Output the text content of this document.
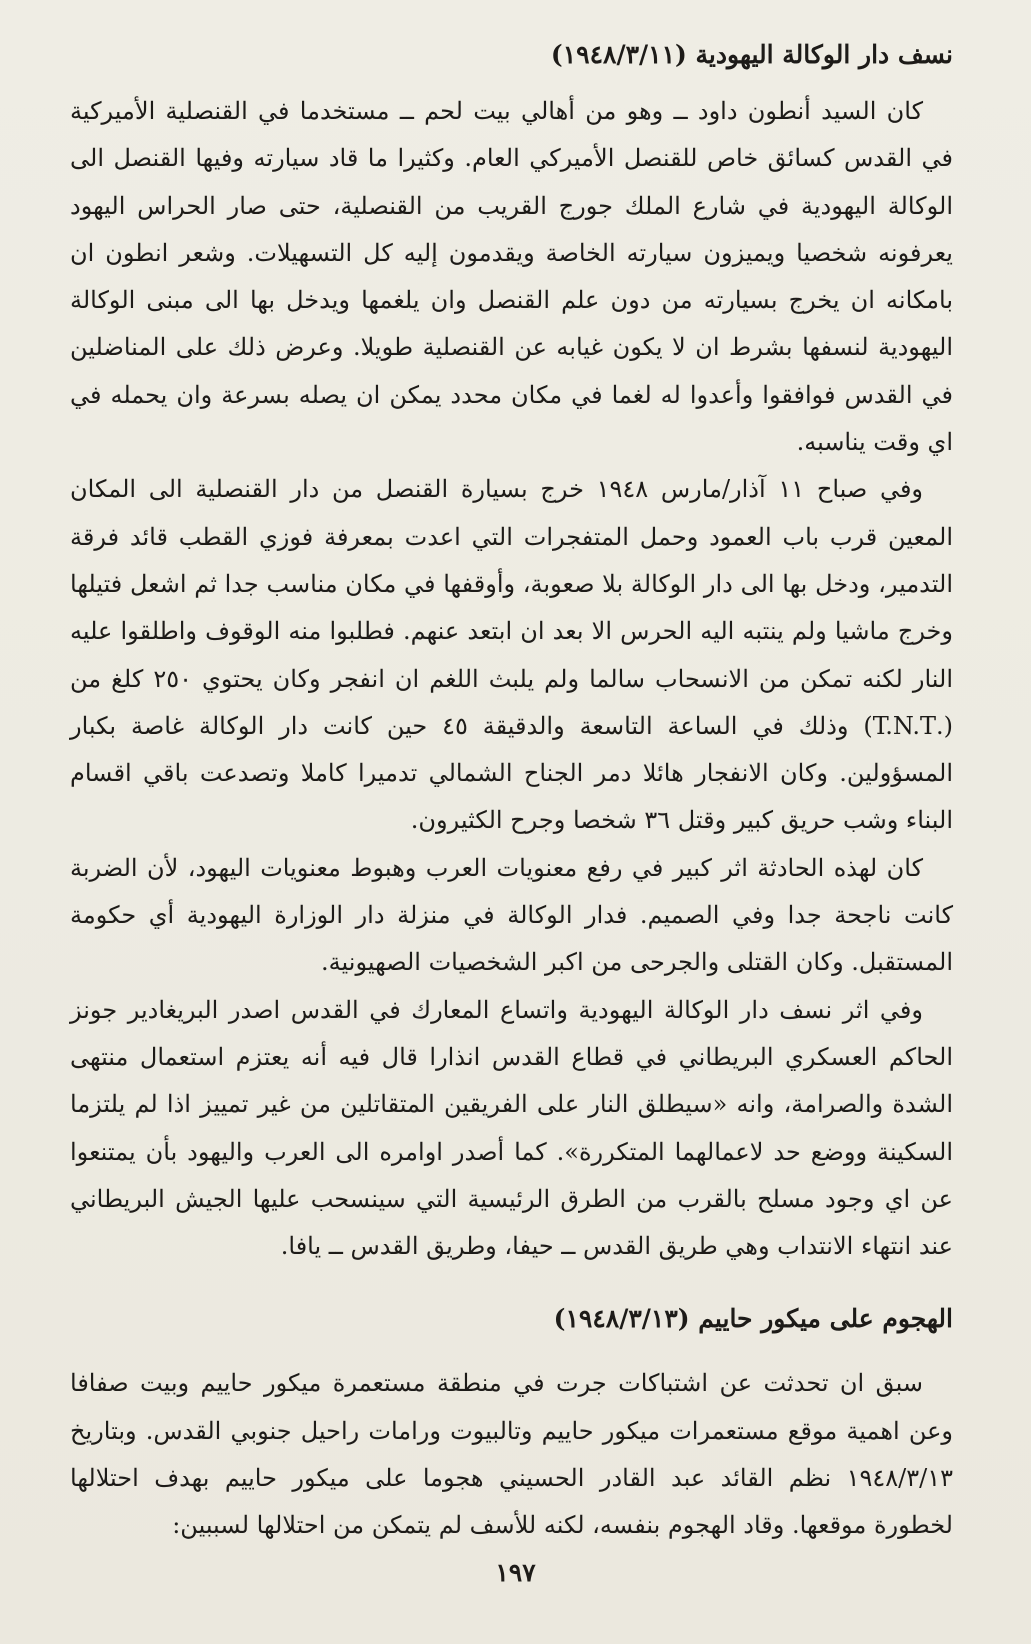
نسف دار الوكالة اليهودية (١٩٤٨/٣/١١)

كان السيد أنطون داود ــ وهو من أهالي بيت لحم ــ مستخدما في القنصلية الأميركية في القدس كسائق خاص للقنصل الأميركي العام. وكثيرا ما قاد سيارته وفيها القنصل الى الوكالة اليهودية في شارع الملك جورج القريب من القنصلية، حتى صار الحراس اليهود يعرفونه شخصيا ويميزون سيارته الخاصة ويقدمون إليه كل التسهيلات. وشعر انطون ان بامكانه ان يخرج بسيارته من دون علم القنصل وان يلغمها ويدخل بها الى مبنى الوكالة اليهودية لنسفها بشرط ان لا يكون غيابه عن القنصلية طويلا. وعرض ذلك على المناضلين في القدس فوافقوا وأعدوا له لغما في مكان محدد يمكن ان يصله بسرعة وان يحمله في اي وقت يناسبه.

وفي صباح ١١ آذار/مارس ١٩٤٨ خرج بسيارة القنصل من دار القنصلية الى المكان المعين قرب باب العمود وحمل المتفجرات التي اعدت بمعرفة فوزي القطب قائد فرقة التدمير، ودخل بها الى دار الوكالة بلا صعوبة، وأوقفها في مكان مناسب جدا ثم اشعل فتيلها وخرج ماشيا ولم ينتبه اليه الحرس الا بعد ان ابتعد عنهم. فطلبوا منه الوقوف واطلقوا عليه النار لكنه تمكن من الانسحاب سالما ولم يلبث اللغم ان انفجر وكان يحتوي ٢٥٠ كلغ من (.T.N.T) وذلك في الساعة التاسعة والدقيقة ٤٥ حين كانت دار الوكالة غاصة بكبار المسؤولين. وكان الانفجار هائلا دمر الجناح الشمالي تدميرا كاملا وتصدعت باقي اقسام البناء وشب حريق كبير وقتل ٣٦ شخصا وجرح الكثيرون.

كان لهذه الحادثة اثر كبير في رفع معنويات العرب وهبوط معنويات اليهود، لأن الضربة كانت ناجحة جدا وفي الصميم. فدار الوكالة في منزلة دار الوزارة اليهودية أي حكومة المستقبل. وكان القتلى والجرحى من اكبر الشخصيات الصهيونية.

وفي اثر نسف دار الوكالة اليهودية واتساع المعارك في القدس اصدر البريغادير جونز الحاكم العسكري البريطاني في قطاع القدس انذارا قال فيه أنه يعتزم استعمال منتهى الشدة والصرامة، وانه «سيطلق النار على الفريقين المتقاتلين من غير تمييز اذا لم يلتزما السكينة ووضع حد لاعمالهما المتكررة». كما أصدر اوامره الى العرب واليهود بأن يمتنعوا عن اي وجود مسلح بالقرب من الطرق الرئيسية التي سينسحب عليها الجيش البريطاني عند انتهاء الانتداب وهي طريق القدس ــ حيفا، وطريق القدس ــ يافا.

الهجوم على ميكور حاييم (١٩٤٨/٣/١٣)

سبق ان تحدثت عن اشتباكات جرت في منطقة مستعمرة ميكور حاييم وبيت صفافا وعن اهمية موقع مستعمرات ميكور حاييم وتالبيوت ورامات راحيل جنوبي القدس. وبتاريخ ١٩٤٨/٣/١٣ نظم القائد عبد القادر الحسيني هجوما على ميكور حاييم بهدف احتلالها لخطورة موقعها. وقاد الهجوم بنفسه، لكنه للأسف لم يتمكن من احتلالها لسببين:

١٩٧
